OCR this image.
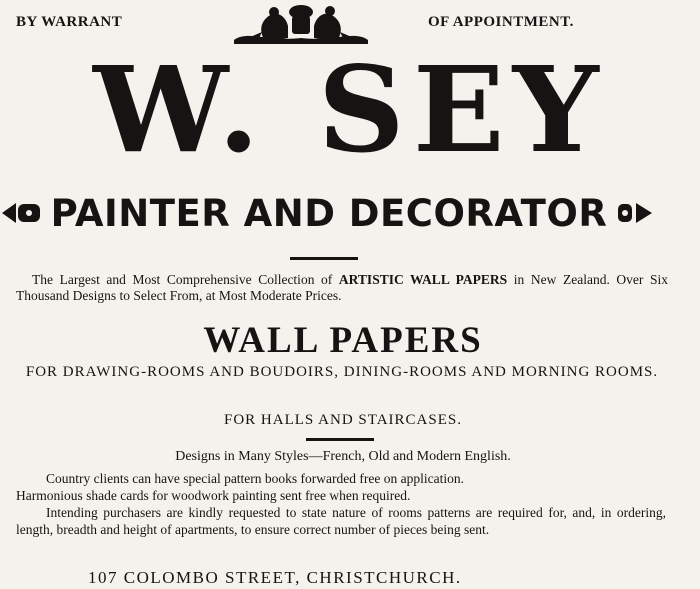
BY WARRANT	OF APPOINTMENT.
W. SEY
PAINTER AND DECORATOR
The Largest and Most Comprehensive Collection of ARTISTIC WALL PAPERS in New Zealand. Over Six Thousand Designs to Select From, at Most Moderate Prices.
WALL PAPERS
FOR DRAWING-ROOMS AND BOUDOIRS, DINING-ROOMS AND MORNING ROOMS.
FOR HALLS AND STAIRCASES.
Designs in Many Styles—French, Old and Modern English.

Country clients can have special pattern books forwarded free on application.

Harmonious shade cards for woodwork painting sent free when required.

Intending purchasers are kindly requested to state nature of rooms patterns are required for, and, in ordering, length, breadth and height of apartments, to ensure correct number of pieces being sent.

107 COLOMBO STREET, CHRISTCHURCH.
